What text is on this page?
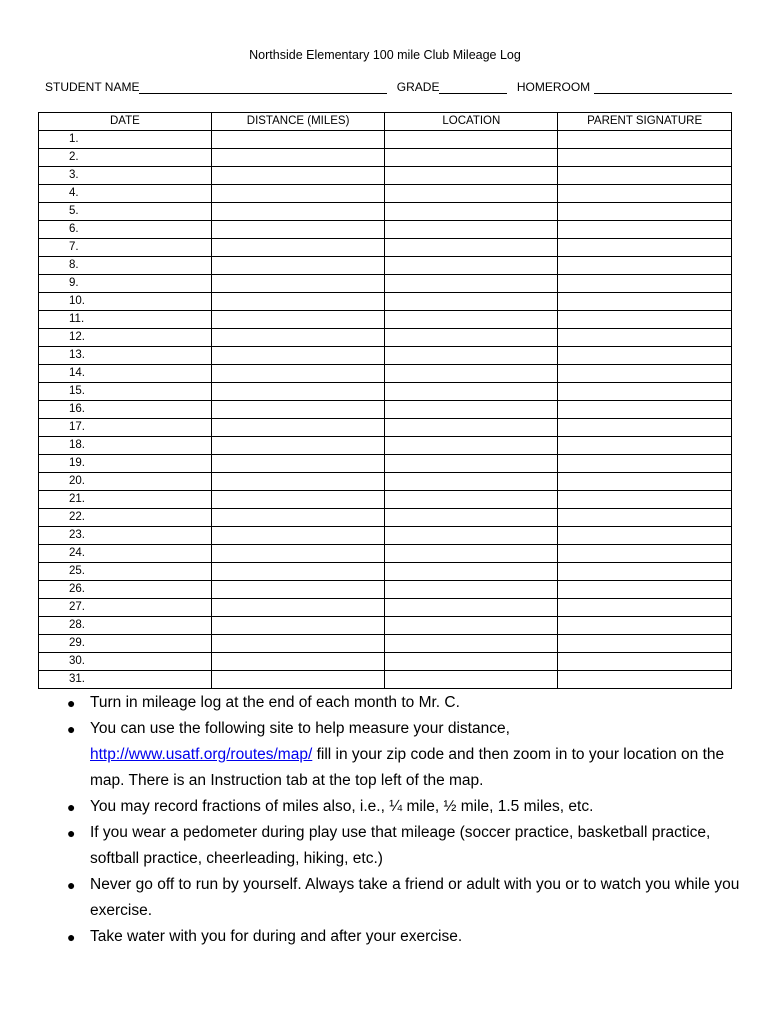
Northside Elementary 100 mile Club Mileage Log
STUDENT NAME	GRADE	HOMEROOM
DATE	DISTANCE (MILES)	LOCATION	PARENT SIGNATURE
1.			
2.			
3.			
4.			
5.			
6.			
7.			
8.			
9.			
10.			
11.			
12.			
13.			
14.			
15.			
16.			
17.			
18.			
19.			
20.			
21.			
22.			
23.			
24.			
25.			
26.			
27.			
28.			
29.			
30.			
31.			
● Turn in mileage log at the end of each month to Mr. C.
● You can use the following site to help measure your distance,
http://www.usatf.org/routes/map/ fill in your zip code and then zoom in to your location on the map. There is an Instruction tab at the top left of the map.
● You may record fractions of miles also, i.e., ¼ mile, ½ mile, 1.5 miles, etc.
● If you wear a pedometer during play use that mileage (soccer practice, basketball practice, softball practice, cheerleading, hiking, etc.)
● Never go off to run by yourself. Always take a friend or adult with you or to watch you while you exercise.
● Take water with you for during and after your exercise.
